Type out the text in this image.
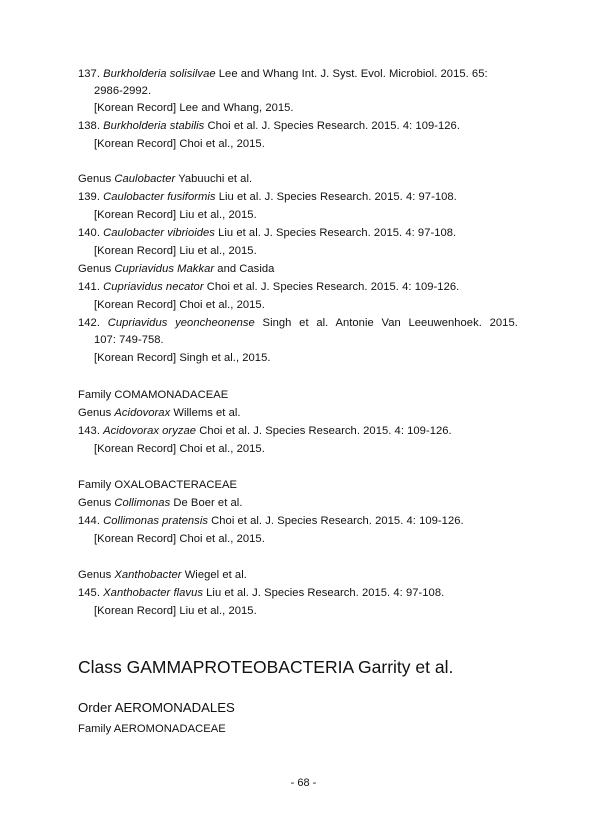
137. Burkholderia solisilvae Lee and Whang Int. J. Syst. Evol. Microbiol. 2015. 65:
2986-2992.
[Korean Record] Lee and Whang, 2015.
138. Burkholderia stabilis Choi et al. J. Species Research. 2015. 4: 109-126.
[Korean Record] Choi et al., 2015.
Genus Caulobacter Yabuuchi et al.
139. Caulobacter fusiformis Liu et al. J. Species Research. 2015. 4: 97-108.
[Korean Record] Liu et al., 2015.
140. Caulobacter vibrioides Liu et al. J. Species Research. 2015. 4: 97-108.
[Korean Record] Liu et al., 2015.
Genus Cupriavidus Makkar and Casida
141. Cupriavidus necator Choi et al. J. Species Research. 2015. 4: 109-126.
[Korean Record] Choi et al., 2015.
142. Cupriavidus yeoncheonense Singh et al. Antonie Van Leeuwenhoek. 2015.
107: 749-758.
[Korean Record] Singh et al., 2015.
Family COMAMONADACEAE
Genus Acidovorax Willems et al.
143. Acidovorax oryzae Choi et al. J. Species Research. 2015. 4: 109-126.
[Korean Record] Choi et al., 2015.
Family OXALOBACTERACEAE
Genus Collimonas De Boer et al.
144. Collimonas pratensis Choi et al. J. Species Research. 2015. 4: 109-126.
[Korean Record] Choi et al., 2015.
Genus Xanthobacter Wiegel et al.
145. Xanthobacter flavus Liu et al. J. Species Research. 2015. 4: 97-108.
[Korean Record] Liu et al., 2015.
Class GAMMAPROTEOBACTERIA Garrity et al.
Order AEROMONADALES
Family AEROMONADACEAE
- 68 -
